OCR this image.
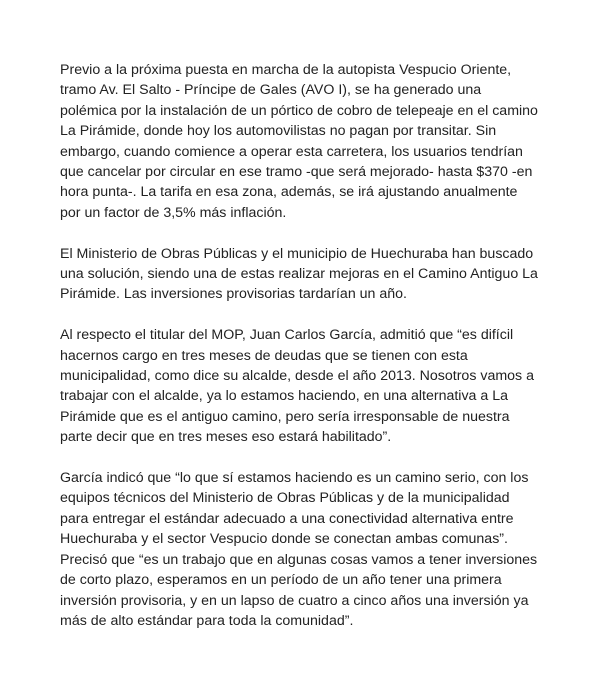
Previo a la próxima puesta en marcha de la autopista Vespucio Oriente, tramo Av. El Salto - Príncipe de Gales (AVO I), se ha generado una polémica por la instalación de un pórtico de cobro de telepeaje en el camino La Pirámide, donde hoy los automovilistas no pagan por transitar. Sin embargo, cuando comience a operar esta carretera, los usuarios tendrían que cancelar por circular en ese tramo -que será mejorado- hasta $370 -en hora punta-. La tarifa en esa zona, además, se irá ajustando anualmente por un factor de 3,5% más inflación.

El Ministerio de Obras Públicas y el municipio de Huechuraba han buscado una solución, siendo una de estas realizar mejoras en el Camino Antiguo La Pirámide. Las inversiones provisorias tardarían un año.

Al respecto el titular del MOP, Juan Carlos García, admitió que “es difícil hacernos cargo en tres meses de deudas que se tienen con esta municipalidad, como dice su alcalde, desde el año 2013. Nosotros vamos a trabajar con el alcalde, ya lo estamos haciendo, en una alternativa a La Pirámide que es el antiguo camino, pero sería irresponsable de nuestra parte decir que en tres meses eso estará habilitado”.

García indicó que “lo que sí estamos haciendo es un camino serio, con los equipos técnicos del Ministerio de Obras Públicas y de la municipalidad para entregar el estándar adecuado a una conectividad alternativa entre Huechuraba y el sector Vespucio donde se conectan ambas comunas”. Precisó que “es un trabajo que en algunas cosas vamos a tener inversiones de corto plazo, esperamos en un período de un año tener una primera inversión provisoria, y en un lapso de cuatro a cinco años una inversión ya más de alto estándar para toda la comunidad”.
